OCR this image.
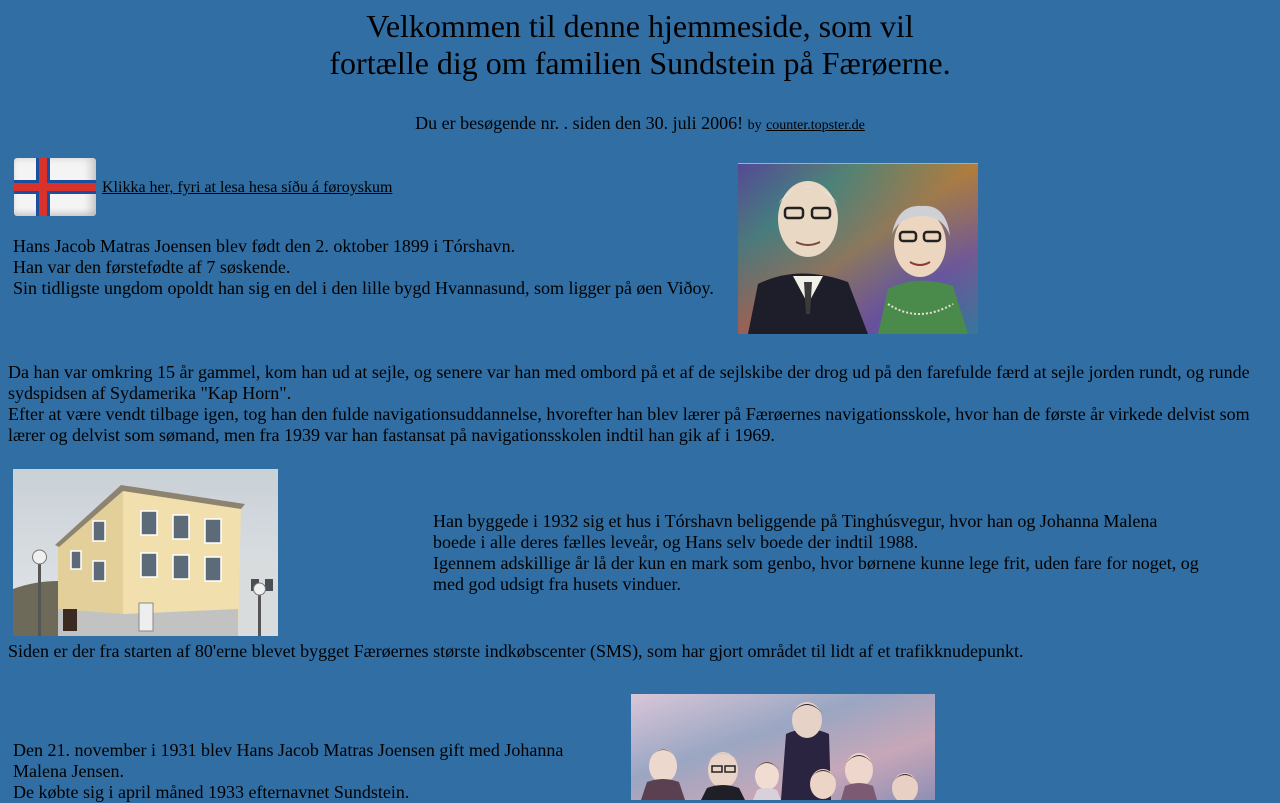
Velkommen til denne hjemmeside, som vil
fortælle dig om familien Sundstein på Færøerne.
Du er besøgende nr. . siden den 30. juli 2006! by counter.topster.de
Klikka her, fyri at lesa hesa síðu á føroyskum
Hans Jacob Matras Joensen blev født den 2. oktober 1899 i Tórshavn.
Han var den førstefødte af 7 søskende.
Sin tidligste ungdom opoldt han sig en del i den lille bygd Hvannasund, som ligger på øen Viðoy.
Da han var omkring 15 år gammel, kom han ud at sejle, og senere var han med ombord på et af de sejlskibe der drog ud på den farefulde færd at sejle jorden rundt, og runde
sydspidsen af Sydamerika "Kap Horn".
Efter at være vendt tilbage igen, tog han den fulde navigationsuddannelse, hvorefter han blev lærer på Færøernes navigationsskole, hvor han de første år virkede delvist som
lærer og delvist som sømand, men fra 1939 var han fastansat på navigationsskolen indtil han gik af i 1969.
Han byggede i 1932 sig et hus i Tórshavn beliggende på Tinghúsvegur, hvor han og Johanna Malena
boede i alle deres fælles leveår, og Hans selv boede der indtil 1988.
Igennem adskillige år lå der kun en mark som genbo, hvor børnene kunne lege frit, uden fare for noget, og
med god udsigt fra husets vinduer.
Siden er der fra starten af 80'erne blevet bygget Færøernes største indkøbscenter (SMS), som har gjort området til lidt af et trafikknudepunkt.
Den 21. november i 1931 blev Hans Jacob Matras Joensen gift med Johanna
Malena Jensen.
De købte sig i april måned 1933 efternavnet Sundstein.
